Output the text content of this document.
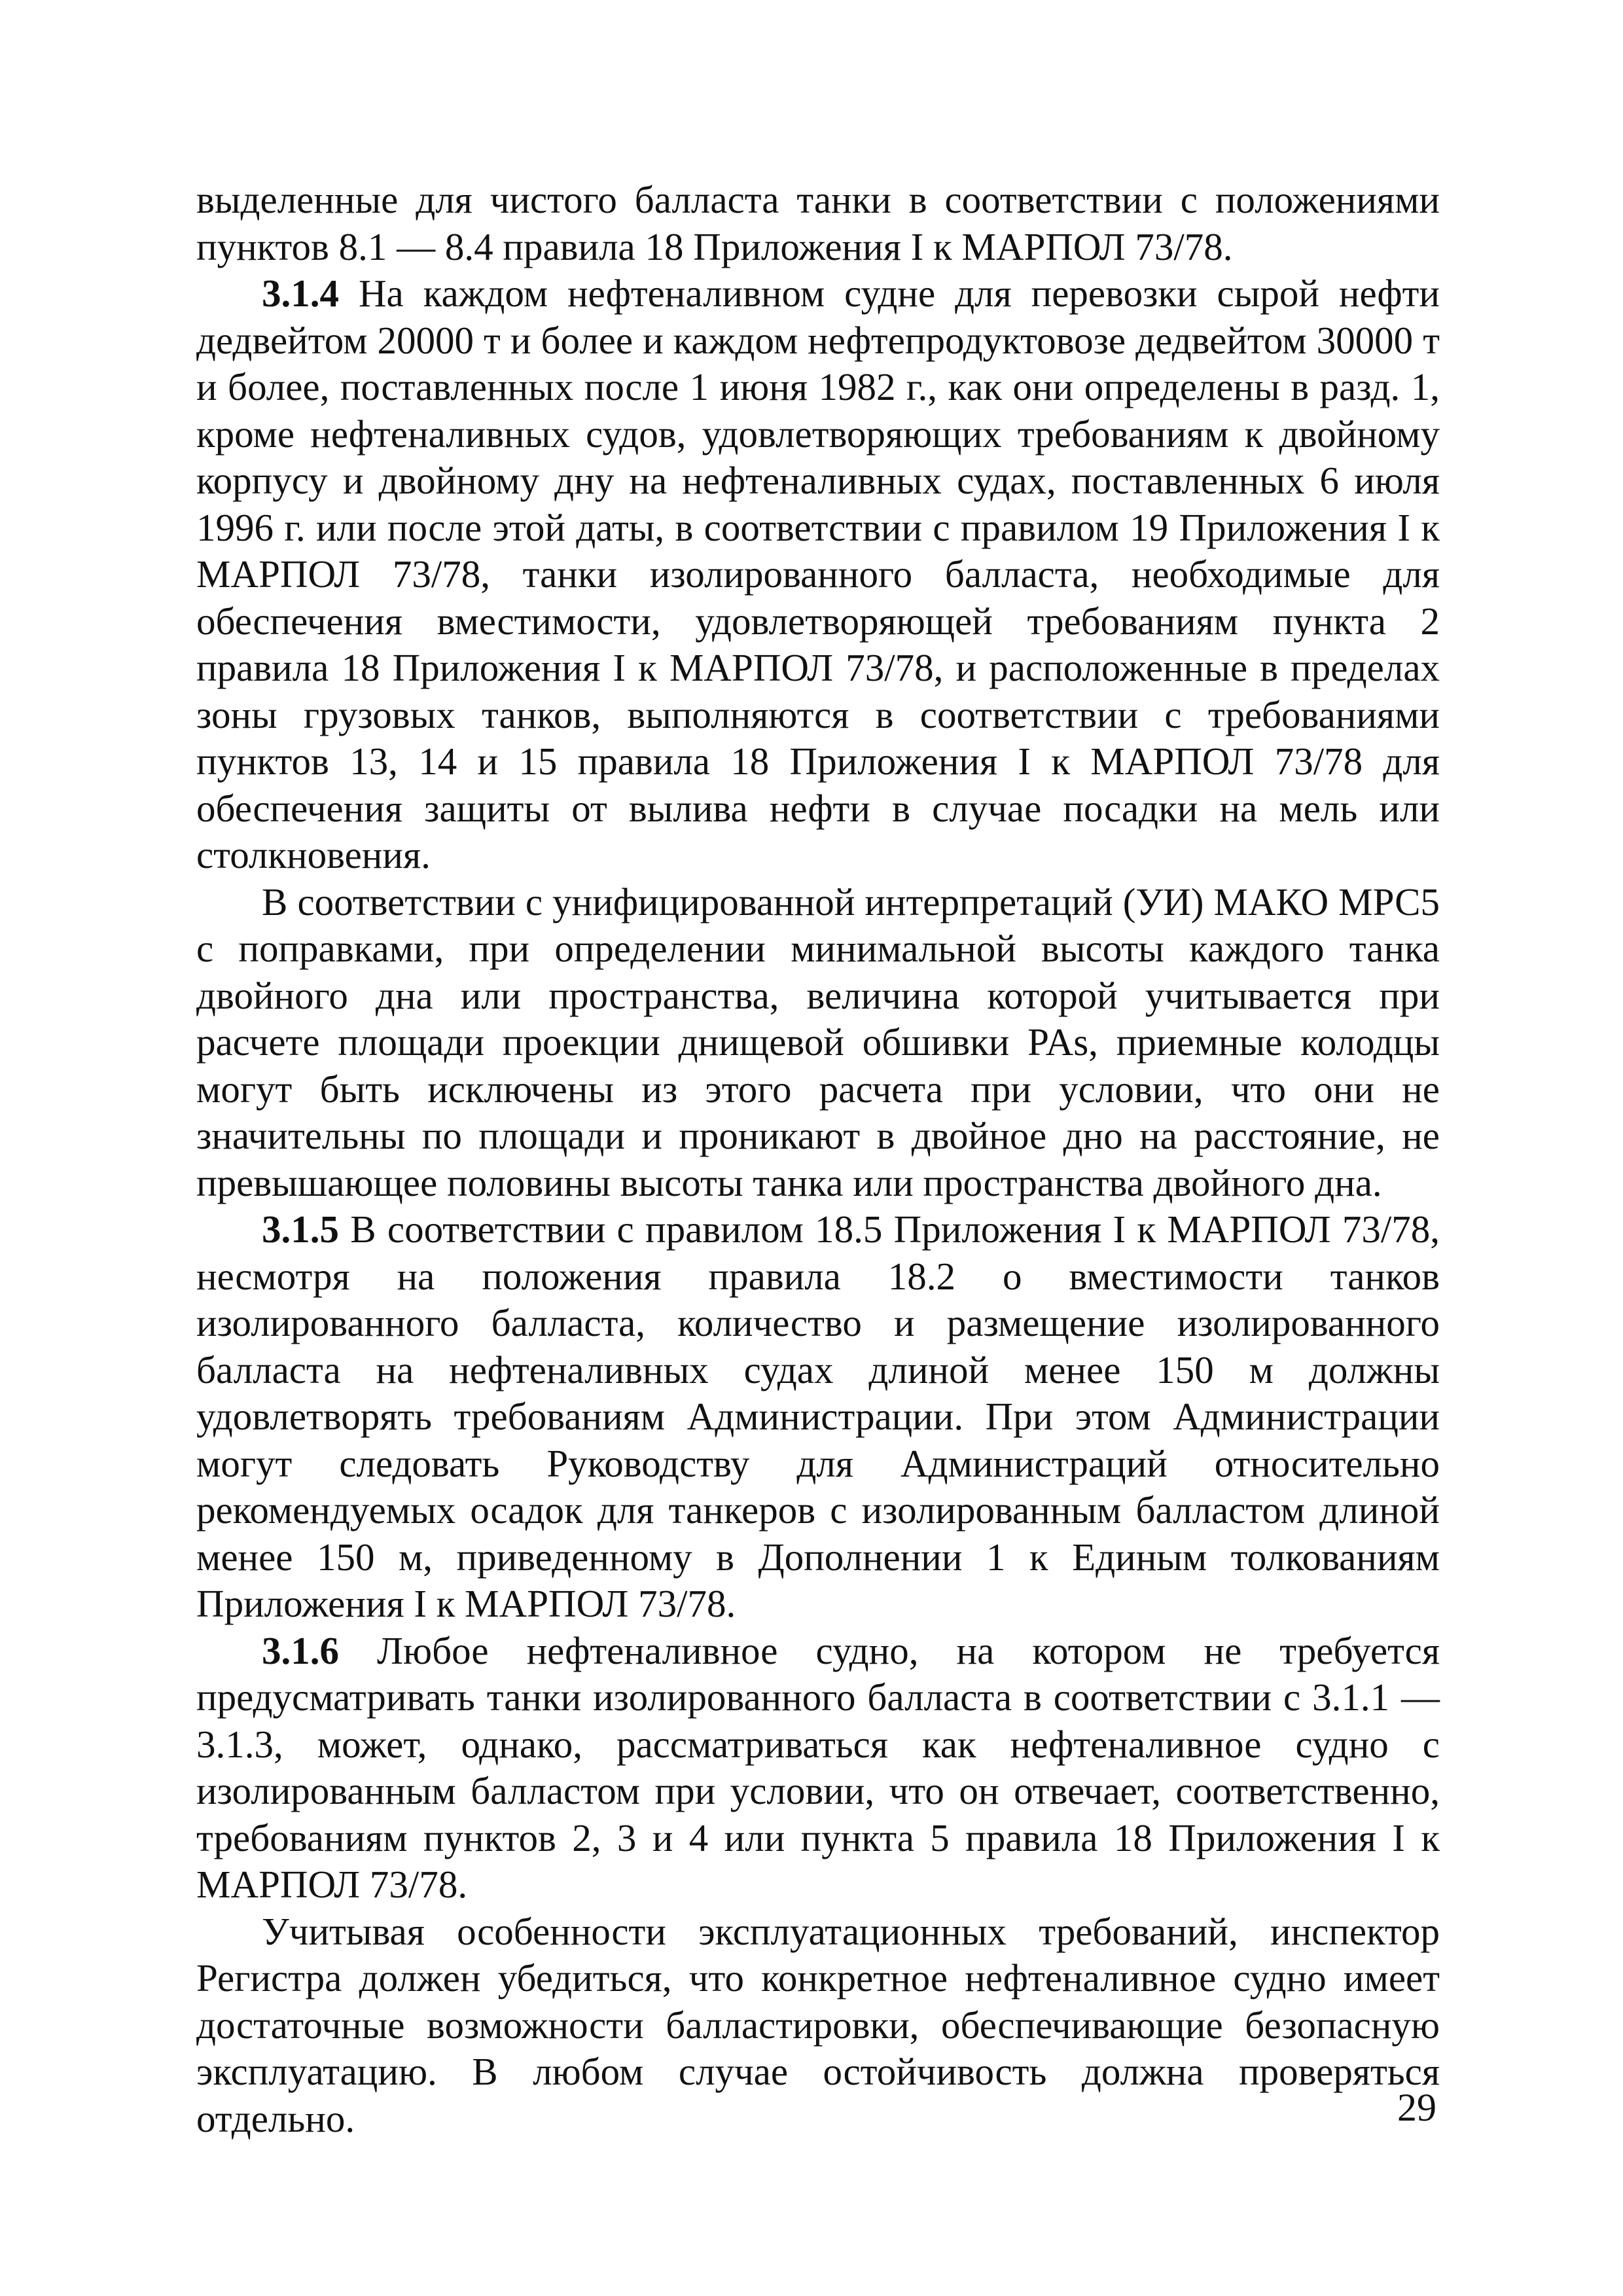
выделенные для чистого балласта танки в соответствии с положениями пунктов 8.1 — 8.4 правила 18 Приложения I к МАРПОЛ 73/78.

3.1.4 На каждом нефтеналивном судне для перевозки сырой нефти дедвейтом 20000 т и более и каждом нефтепродуктовозе дедвейтом 30000 т и более, поставленных после 1 июня 1982 г., как они определены в разд. 1, кроме нефтеналивных судов, удовлетворяющих требованиям к двойному корпусу и двойному дну на нефтеналивных судах, поставленных 6 июля 1996 г. или после этой даты, в соответствии с правилом 19 Приложения I к МАРПОЛ 73/78, танки изолированного балласта, необходимые для обеспечения вместимости, удовлетворяющей требованиям пункта 2 правила 18 Приложения I к МАРПОЛ 73/78, и расположенные в пределах зоны грузовых танков, выполняются в соответствии с требованиями пунктов 13, 14 и 15 правила 18 Приложения I к МАРПОЛ 73/78 для обеспечения защиты от вылива нефти в случае посадки на мель или столкновения.

В соответствии с унифицированной интерпретаций (УИ) МАКО МРС5 с поправками, при определении минимальной высоты каждого танка двойного дна или пространства, величина которой учитывается при расчете площади проекции днищевой обшивки PAs, приемные колодцы могут быть исключены из этого расчета при условии, что они не значительны по площади и проникают в двойное дно на расстояние, не превышающее половины высоты танка или пространства двойного дна.

3.1.5 В соответствии с правилом 18.5 Приложения I к МАРПОЛ 73/78, несмотря на положения правила 18.2 о вместимости танков изолированного балласта, количество и размещение изолированного балласта на нефтеналивных судах длиной менее 150 м должны удовлетворять требованиям Администрации. При этом Администрации могут следовать Руководству для Администраций относительно рекомендуемых осадок для танкеров с изолированным балластом длиной менее 150 м, приведенному в Дополнении 1 к Единым толкованиям Приложения I к МАРПОЛ 73/78.

3.1.6 Любое нефтеналивное судно, на котором не требуется предусматривать танки изолированного балласта в соответствии с 3.1.1 — 3.1.3, может, однако, рассматриваться как нефтеналивное судно с изолированным балластом при условии, что он отвечает, соответственно, требованиям пунктов 2, 3 и 4 или пункта 5 правила 18 Приложения I к МАРПОЛ 73/78.

Учитывая особенности эксплуатационных требований, инспектор Регистра должен убедиться, что конкретное нефтеналивное судно имеет достаточные возможности балластировки, обеспечивающие безопасную эксплуатацию. В любом случае остойчивость должна проверяться отдельно.	29
